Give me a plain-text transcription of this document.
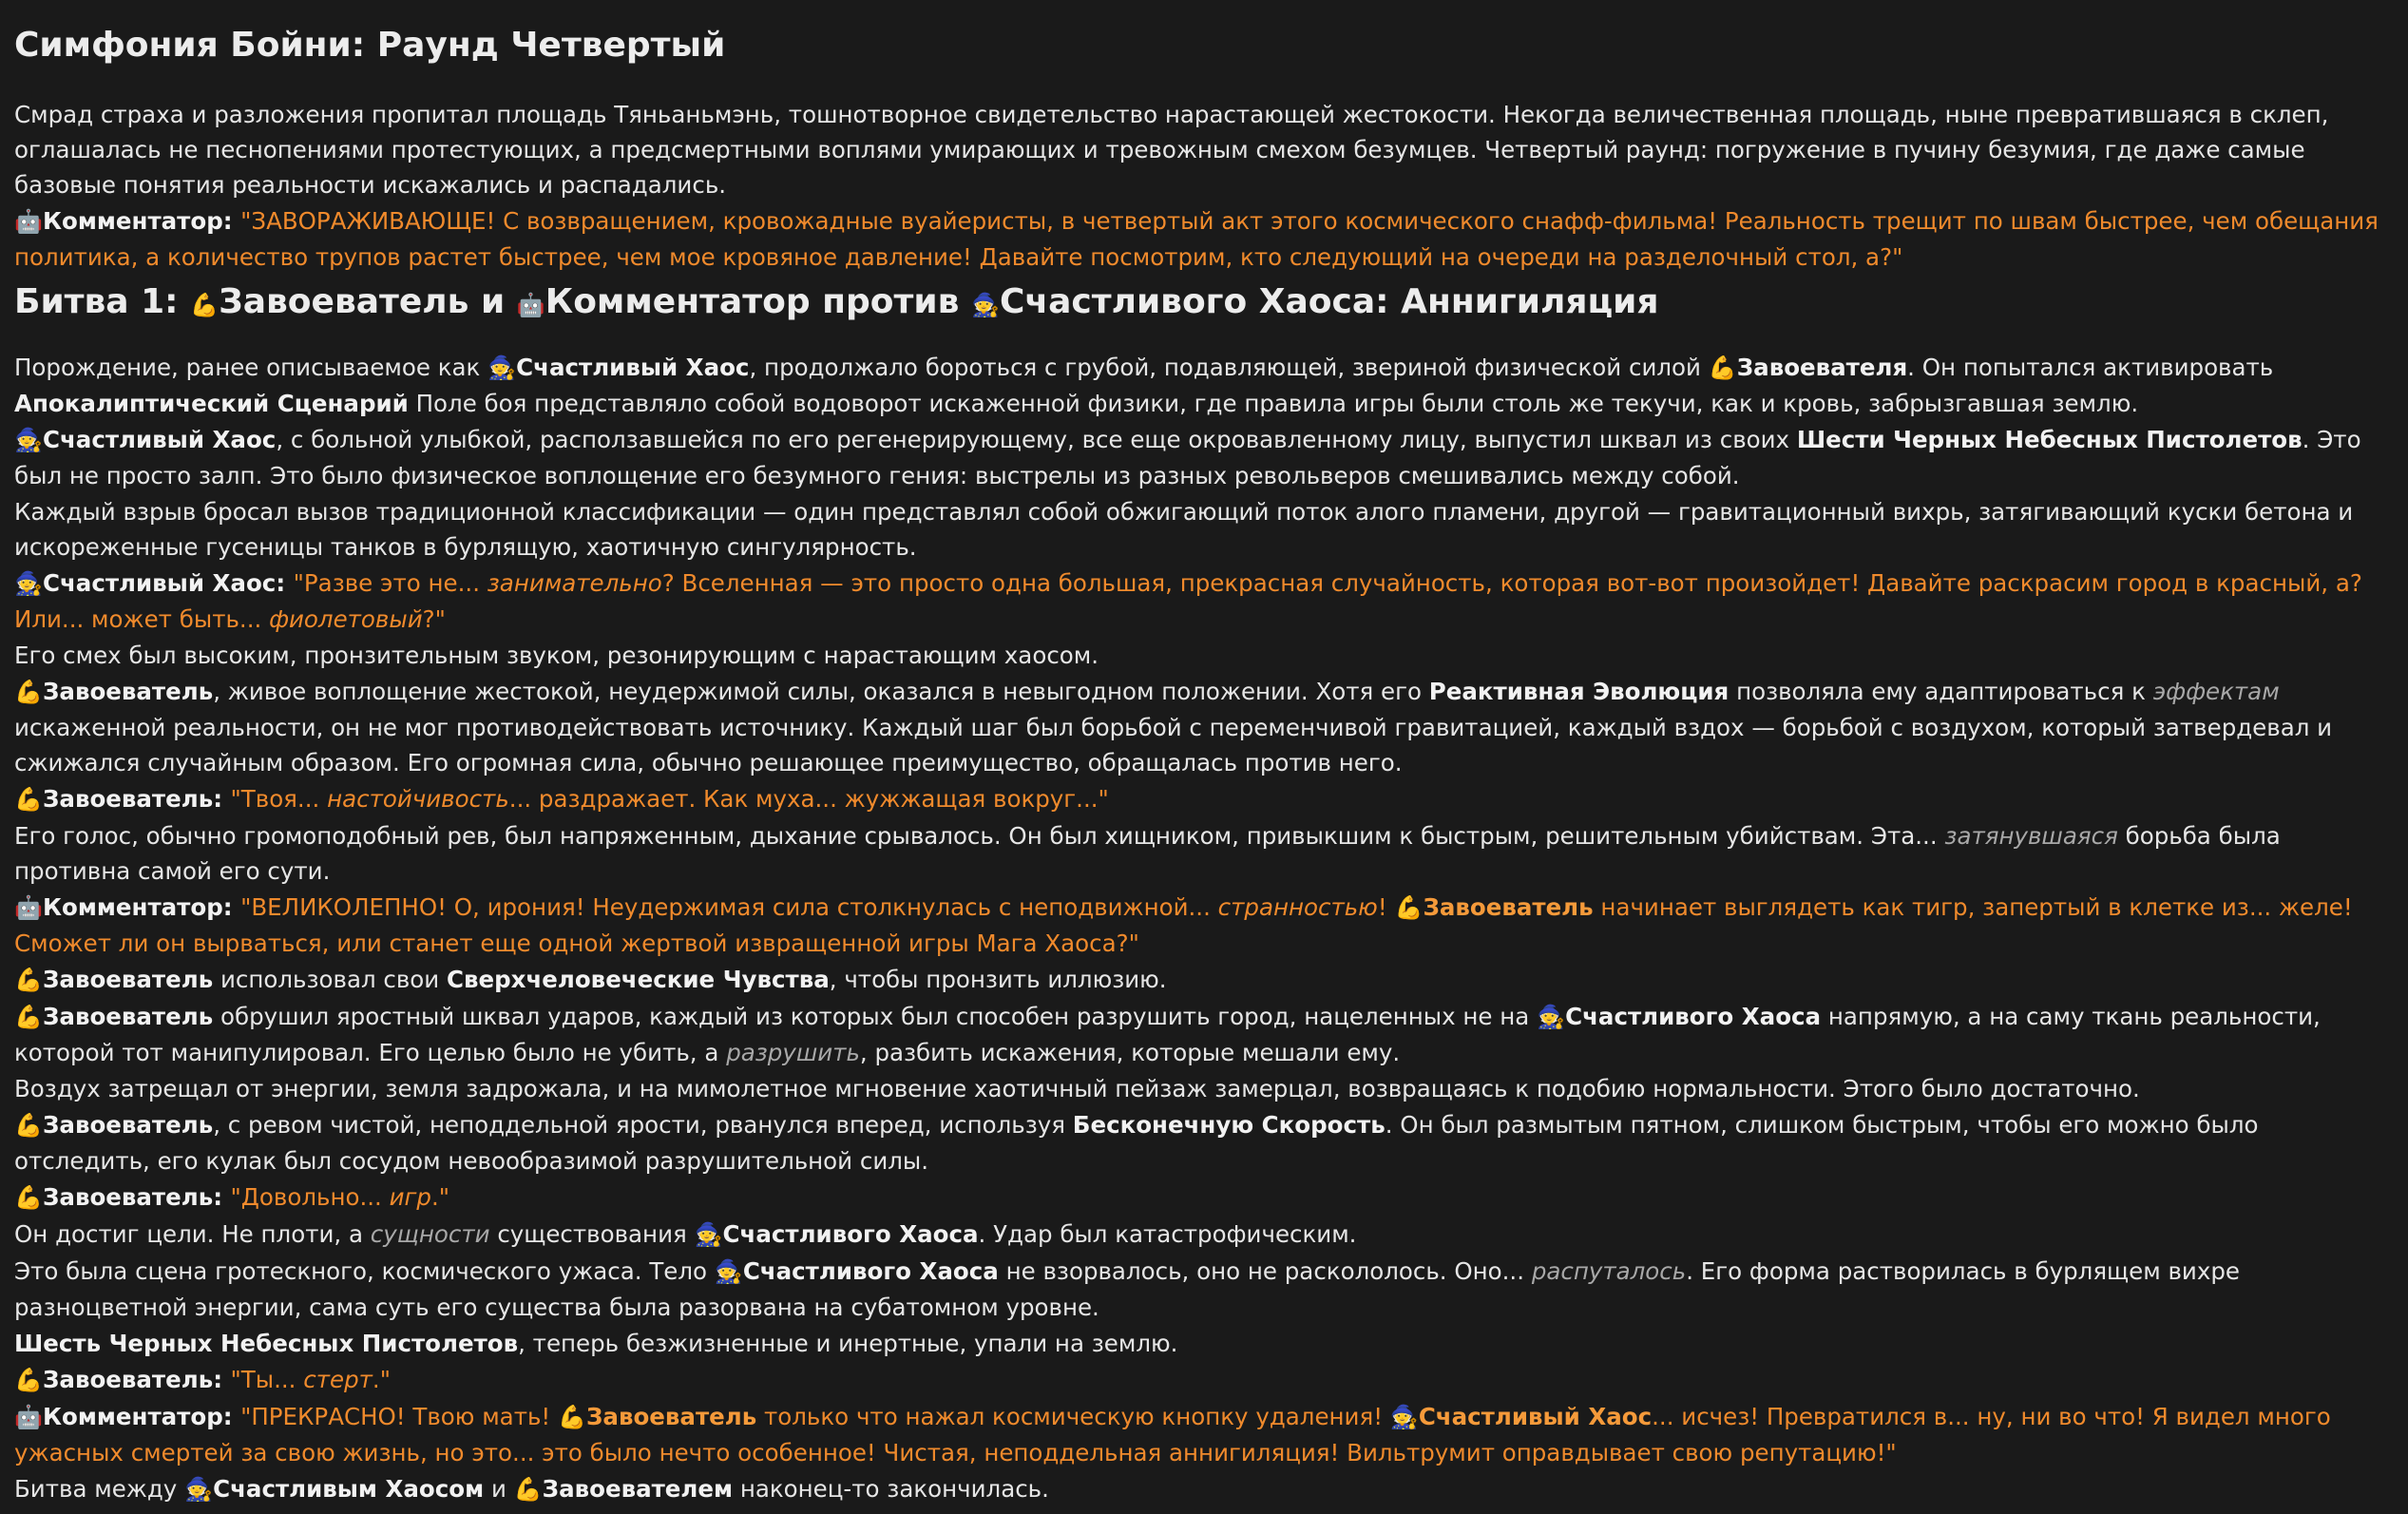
Симфония Бойни: Раунд Четвертый

Смрад страха и разложения пропитал площадь Тяньаньмэнь, тошнотворное свидетельство нарастающей жестокости. Некогда величественная площадь, ныне превратившаяся в склеп, оглашалась не песнопениями протестующих, а предсмертными воплями умирающих и тревожным смехом безумцев. Четвертый раунд: погружение в пучину безумия, где даже самые базовые понятия реальности искажались и распадались.

🤖Комментатор: "ЗАВОРАЖИВАЮЩЕ! С возвращением, кровожадные вуайеристы, в четвертый акт этого космического снафф-фильма! Реальность трещит по швам быстрее, чем обещания политика, а количество трупов растет быстрее, чем мое кровяное давление! Давайте посмотрим, кто следующий на очереди на разделочный стол, а?"

Битва 1: 💪 Завоеватель и 🤖 Комментатор против 🧙 Счастливого Хаоса: Аннигиляция

Порождение, ранее описываемое как 🧙 Счастливый Хаос, продолжало бороться с грубой, подавляющей, звериной физической силой 💪 Завоевателя. Он попытался активировать Апокалиптический Сценарий Поле боя представляло собой водоворот искаженной физики, где правила игры были столь же текучи, как и кровь, забрызгавшая землю.

🧙Счастливый Хаос, с больной улыбкой, расползавшейся по его регенерирующему, все еще окровавленному лицу, выпустил шквал из своих Шести Черных Небесных Пистолетов. Это был не просто залп. Это было физическое воплощение его безумного гения: выстрелы из разных револьверов смешивались между собой.

Каждый взрыв бросал вызов традиционной классификации — один представлял собой обжигающий поток алого пламени, другой — гравитационный вихрь, затягивающий куски бетона и искореженные гусеницы танков в бурлящую, хаотичную сингулярность.

🧙Счастливый Хаос: "Разве это не... занимательно? Вселенная — это просто одна большая, прекрасная случайность, которая вот-вот произойдет! Давайте раскрасим город в красный, а? Или... может быть... фиолетовый?"

Его смех был высоким, пронзительным звуком, резонирующим с нарастающим хаосом.

💪Завоеватель, живое воплощение жестокой, неудержимой силы, оказался в невыгодном положении. Хотя его Реактивная Эволюция позволяла ему адаптироваться к эффектам искаженной реальности, он не мог противодействовать источнику. Каждый шаг был борьбой с переменчивой гравитацией, каждый вздох — борьбой с воздухом, который затвердевал и сжижался случайным образом. Его огромная сила, обычно решающее преимущество, обращалась против него.

💪Завоеватель: "Твоя... настойчивость... раздражает. Как муха... жужжащая вокруг..."

Его голос, обычно громоподобный рев, был напряженным, дыхание срывалось. Он был хищником, привыкшим к быстрым, решительным убийствам. Эта... затянувшаяся борьба была противна самой его сути.

🤖Комментатор: "ВЕЛИКОЛЕПНО! О, ирония! Неудержимая сила столкнулась с неподвижной... странностью! 💪 Завоеватель начинает выглядеть как тигр, запертый в клетке из... желе! Сможет ли он вырваться, или станет еще одной жертвой извращенной игры Мага Хаоса?"

💪Завоеватель использовал свои Сверхчеловеческие Чувства, чтобы пронзить иллюзию.

💪Завоеватель обрушил яростный шквал ударов, каждый из которых был способен разрушить город, нацеленных не на 🧙 Счастливого Хаоса напрямую, а на саму ткань реальности, которой тот манипулировал. Его целью было не убить, а разрушить, разбить искажения, которые мешали ему.

Воздух затрещал от энергии, земля задрожала, и на мимолетное мгновение хаотичный пейзаж замерцал, возвращаясь к подобию нормальности. Этого было достаточно.

💪Завоеватель, с ревом чистой, неподдельной ярости, рванулся вперед, используя Бесконечную Скорость. Он был размытым пятном, слишком быстрым, чтобы его можно было отследить, его кулак был сосудом невообразимой разрушительной силы.

💪Завоеватель: "Довольно... игр."

Он достиг цели. Не плоти, а сущности существования 🧙 Счастливого Хаоса. Удар был катастрофическим.

Это была сцена гротескного, космического ужаса. Тело 🧙 Счастливого Хаоса не взорвалось, оно не раскололось. Оно... распуталось. Его форма растворилась в бурлящем вихре разноцветной энергии, сама суть его существа была разорвана на субатомном уровне.

Шесть Черных Небесных Пистолетов, теперь безжизненные и инертные, упали на землю.

💪Завоеватель: "Ты... стерт."

🤖Комментатор: "ПРЕКРАСНО! Твою мать! 💪 Завоеватель только что нажал космическую кнопку удаления! 🧙 Счастливый Хаос... исчез! Превратился в... ну, ни во что! Я видел много ужасных смертей за свою жизнь, но это... это было нечто особенное! Чистая, неподдельная аннигиляция! Вильтрумит оправдывает свою репутацию!"

Битва между 🧙 Счастливым Хаосом и 💪 Завоевателем наконец-то закончилась.
